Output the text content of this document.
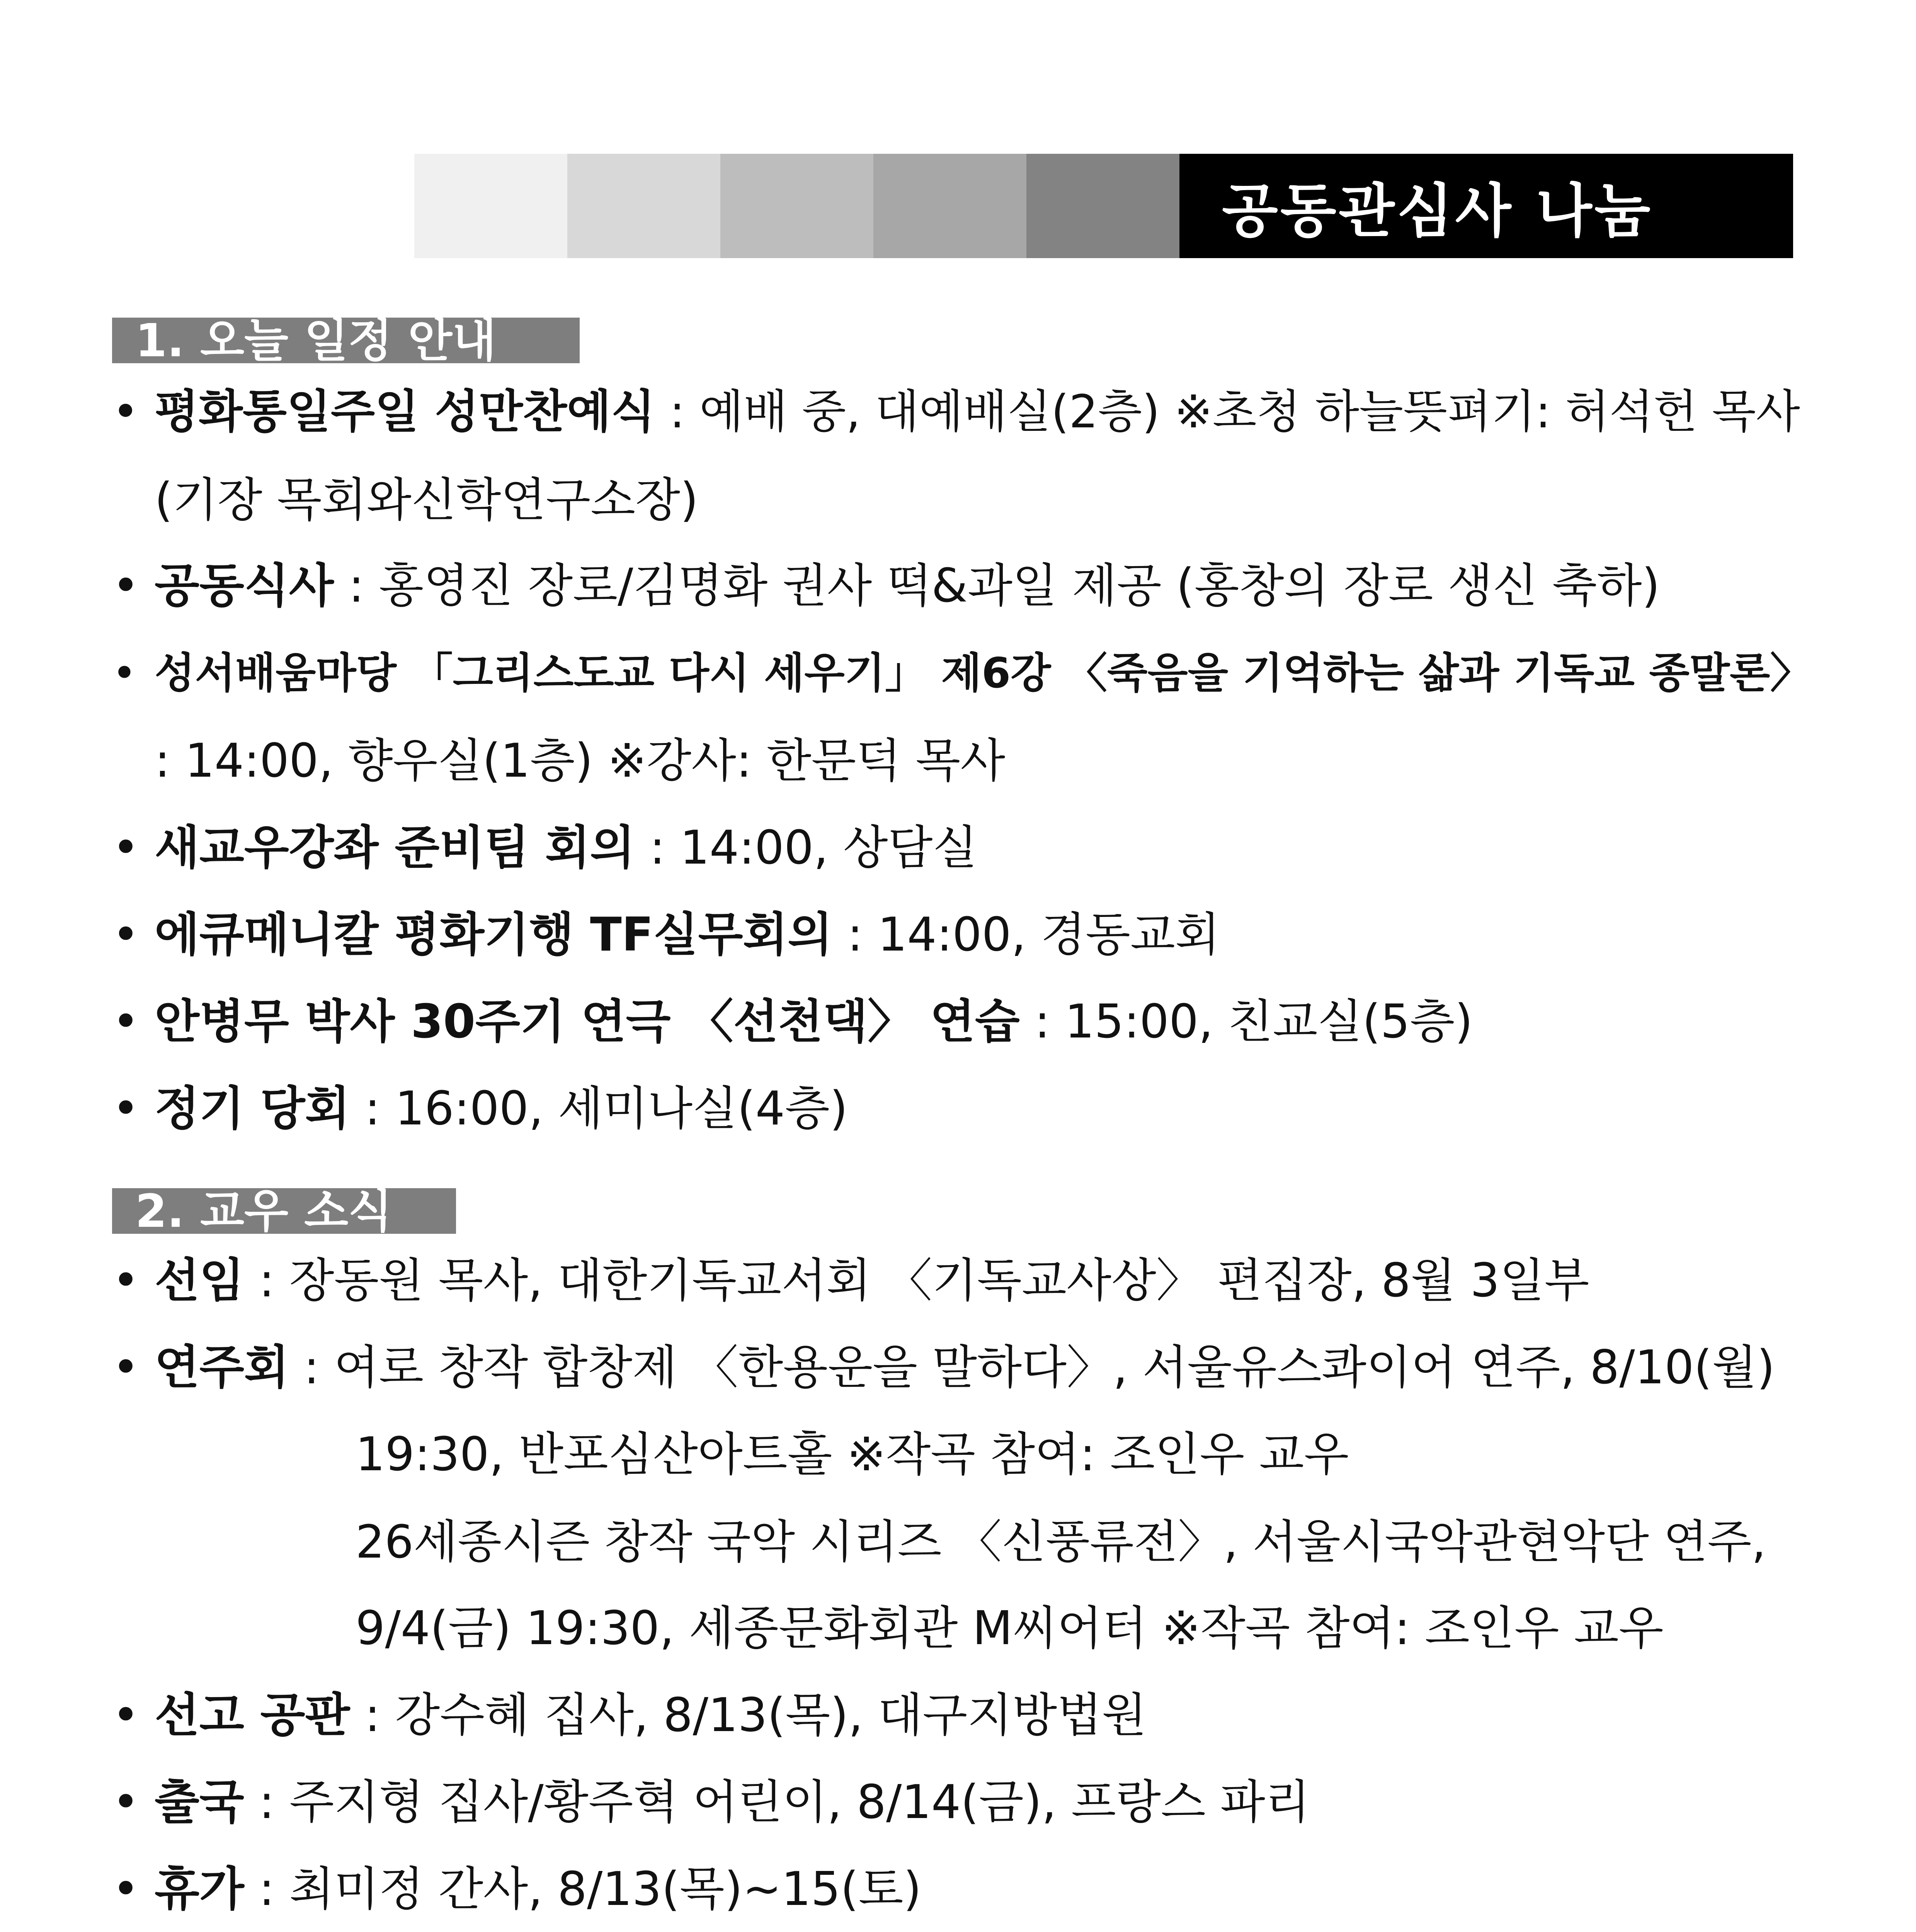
공동관심사 나눔
1. 오늘 일정 안내
• 평화통일주일 성만찬예식 : 예배 중, 대예배실(2층) ※초청 하늘뜻펴기: 허석헌 목사
(기장 목회와신학연구소장)
• 공동식사 : 홍영진 장로/김명화 권사 떡&과일 제공 (홍창의 장로 생신 축하)
• 성서배움마당 「그리스도교 다시 세우기」 제6강 〈죽음을 기억하는 삶과 기독교 종말론〉
: 14:00, 향우실(1층) ※강사: 한문덕 목사
• 새교우강좌 준비팀 회의 : 14:00, 상담실
• 에큐메니칼 평화기행 TF실무회의 : 14:00, 경동교회
• 안병무 박사 30주기 연극 〈선천댁〉 연습 : 15:00, 친교실(5층)
• 정기 당회 : 16:00, 세미나실(4층)
2. 교우 소식
• 선임 : 장동원 목사, 대한기독교서회 〈기독교사상〉 편집장, 8월 3일부
• 연주회 : 여로 창작 합창제 〈한용운을 말하다〉, 서울유스콰이어 연주, 8/10(월)
19:30, 반포심산아트홀 ※작곡 참여: 조인우 교우
26세종시즌 창작 국악 시리즈 〈신풍류전〉, 서울시국악관현악단 연주,
9/4(금) 19:30, 세종문화회관 M씨어터 ※작곡 참여: 조인우 교우
• 선고 공판 : 강수혜 집사, 8/13(목), 대구지방법원
• 출국 : 주지형 집사/황주혁 어린이, 8/14(금), 프랑스 파리
• 휴가 : 최미정 간사, 8/13(목)~15(토)
